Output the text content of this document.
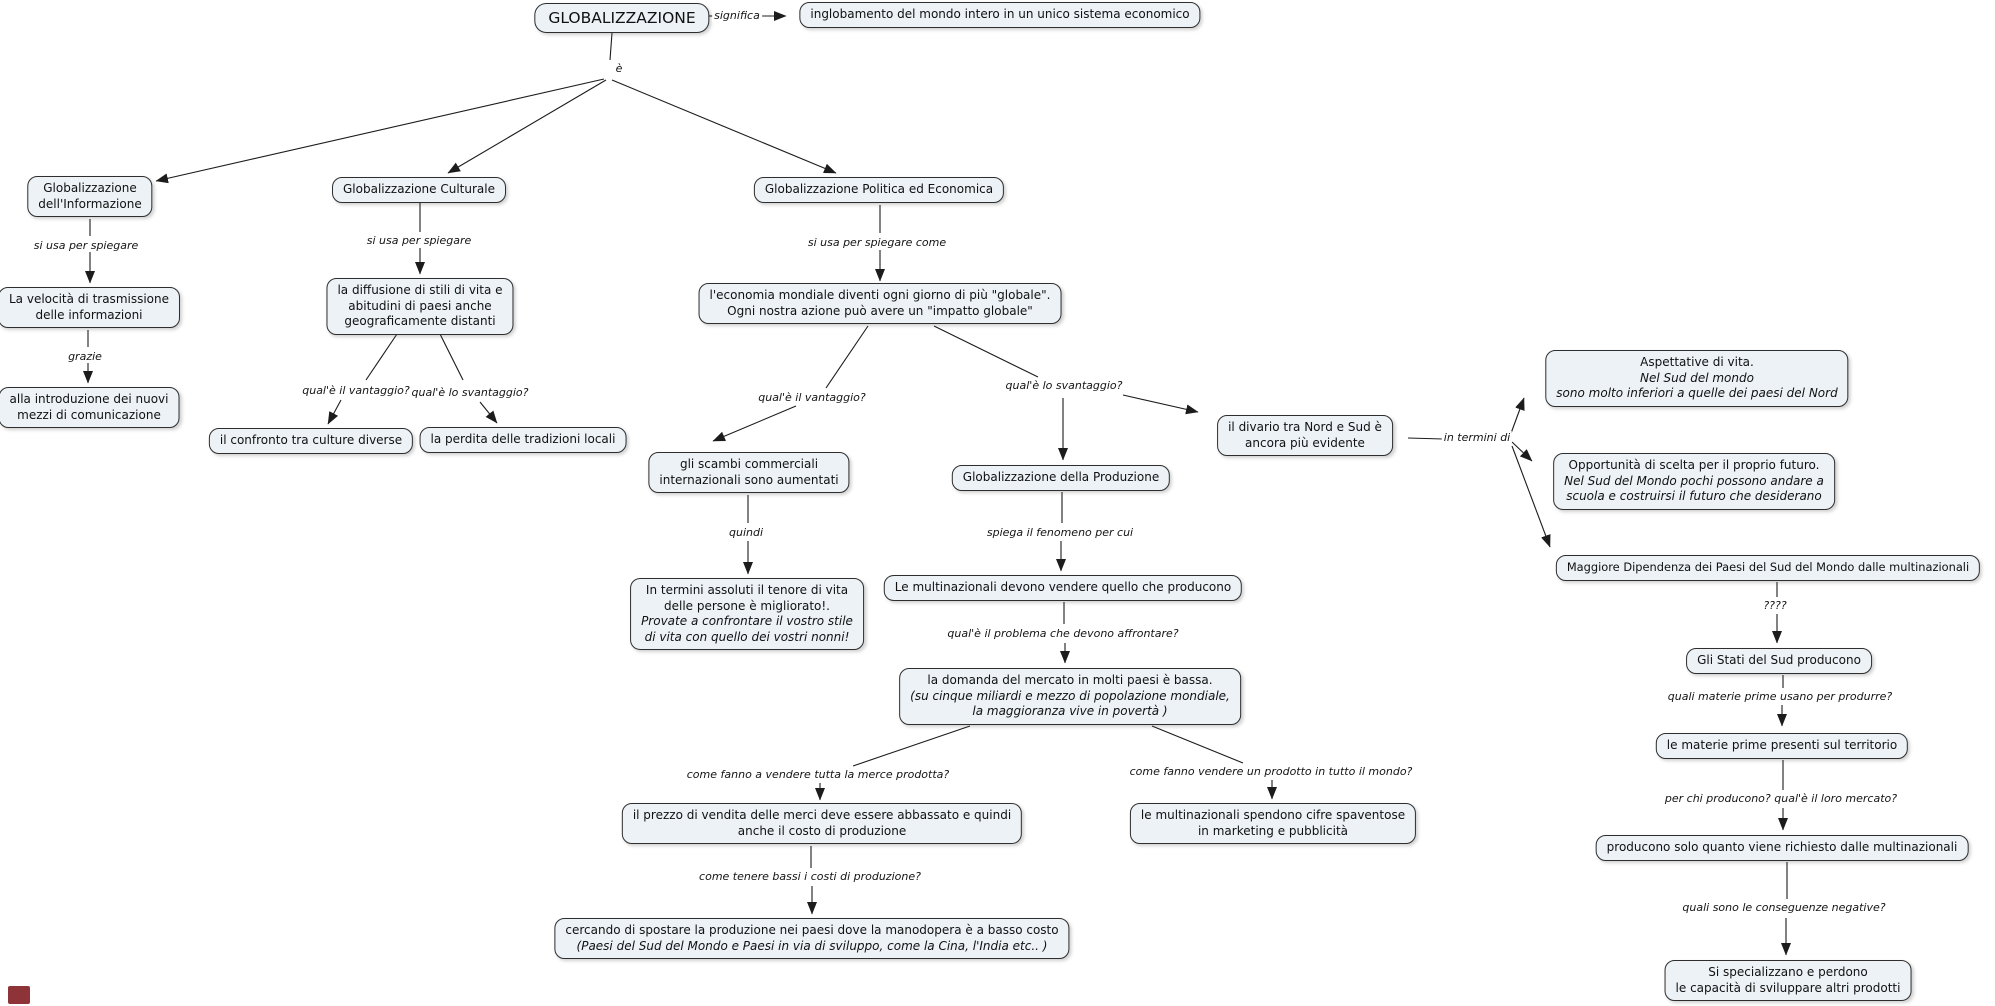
GLOBALIZZAZIONE	inglobamento del mondo intero in un unico sistema economico
Globalizzazione
dell'Informazione
Globalizzazione Culturale	Globalizzazione Politica ed Economica
La velocità di trasmissione
delle informazioni
alla introduzione dei nuovi
mezzi di comunicazione
la diffusione di stili di vita e
abitudini di paesi anche
geograficamente distanti
il confronto tra culture diverse la perdita delle tradizioni locali
l'economia mondiale diventi ogni giorno di più "globale".
Ogni nostra azione può avere un "impatto globale"
gli scambi commerciali
internazionali sono aumentati
In termini assoluti il tenore di vita
delle persone è migliorato!.
Provate a confrontare il vostro stile
di vita con quello dei vostri nonni!
Globalizzazione della Produzione
Le multinazionali devono vendere quello che producono
la domanda del mercato in molti paesi è bassa.
(su cinque miliardi e mezzo di popolazione mondiale,
la maggioranza vive in povertà )
il prezzo di vendita delle merci deve essere abbassato e quindi
anche il costo di produzione
cercando di spostare la produzione nei paesi dove la manodopera è a basso costo
(Paesi del Sud del Mondo e Paesi in via di sviluppo, come la Cina, l'India etc.. )
le multinazionali spendono cifre spaventose
in marketing e pubblicità
il divario tra Nord e Sud è
ancora più evidente
Aspettative di vita.
Nel Sud del mondo
sono molto inferiori a quelle dei paesi del Nord
Opportunità di scelta per il proprio futuro.
Nel Sud del Mondo pochi possono andare a
scuola e costruirsi il futuro che desiderano
Maggiore Dipendenza dei Paesi del Sud del Mondo dalle multinazionali
Gli Stati del Sud producono
le materie prime presenti sul territorio
producono solo quanto viene richiesto dalle multinazionali
Si specializzano e perdono
le capacità di sviluppare altri prodotti
significa
è
si usa per spiegare
grazie
si usa per spiegare
qual'è il vantaggio? qual'è lo svantaggio?
si usa per spiegare come
qual'è il vantaggio?
qual'è lo svantaggio?
quindi	spiega il fenomeno per cui
qual'è il problema che devono affrontare?
come fanno a vendere tutta la merce prodotta?	come fanno vendere un prodotto in tutto il mondo?
come tenere bassi i costi di produzione?
in termini di
????
quali materie prime usano per produrre?
per chi producono? qual'è il loro mercato?
quali sono le conseguenze negative?
